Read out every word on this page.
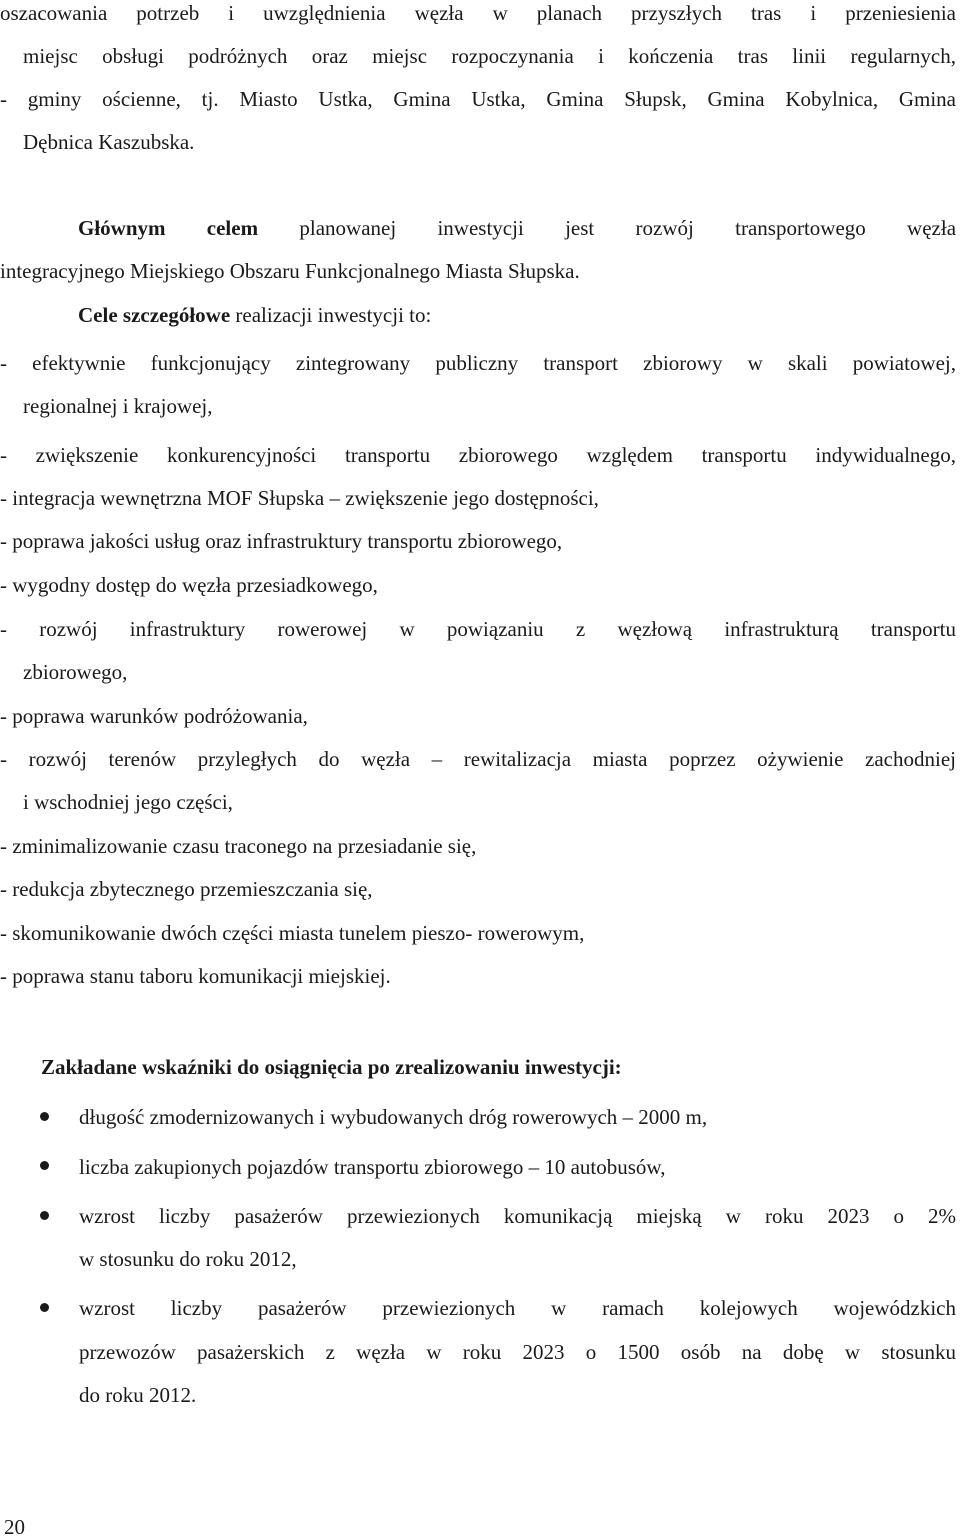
oszacowania potrzeb i uwzględnienia węzła w planach przyszłych tras i przeniesienia
miejsc obsługi podróżnych oraz miejsc rozpoczynania i kończenia tras linii regularnych,
- gminy ościenne, tj. Miasto Ustka, Gmina Ustka, Gmina Słupsk, Gmina Kobylnica, Gmina
Dębnica Kaszubska.
Głównym celem planowanej inwestycji jest rozwój transportowego węzła
integracyjnego Miejskiego Obszaru Funkcjonalnego Miasta Słupska.
Cele szczegółowe realizacji inwestycji to:
- efektywnie funkcjonujący zintegrowany publiczny transport zbiorowy w skali powiatowej,
regionalnej i krajowej,
- zwiększenie konkurencyjności transportu zbiorowego względem transportu indywidualnego,
- integracja wewnętrzna MOF Słupska – zwiększenie jego dostępności,
- poprawa jakości usług oraz infrastruktury transportu zbiorowego,
- wygodny dostęp do węzła przesiadkowego,
- rozwój infrastruktury rowerowej w powiązaniu z węzłową infrastrukturą transportu
zbiorowego,
- poprawa warunków podróżowania,
- rozwój terenów przyległych do węzła – rewitalizacja miasta poprzez ożywienie zachodniej
i wschodniej jego części,
- zminimalizowanie czasu traconego na przesiadanie się,
- redukcja zbytecznego przemieszczania się,
- skomunikowanie dwóch części miasta tunelem pieszo- rowerowym,
- poprawa stanu taboru komunikacji miejskiej.
Zakładane wskaźniki do osiągnięcia po zrealizowaniu inwestycji:
długość zmodernizowanych i wybudowanych dróg rowerowych – 2000 m,
liczba zakupionych pojazdów transportu zbiorowego – 10 autobusów,
wzrost liczby pasażerów przewiezionych komunikacją miejską w roku 2023 o 2%
w stosunku do roku 2012,
wzrost liczby pasażerów przewiezionych w ramach kolejowych wojewódzkich
przewozów pasażerskich z węzła w roku 2023 o 1500 osób na dobę w stosunku
do roku 2012.
20
